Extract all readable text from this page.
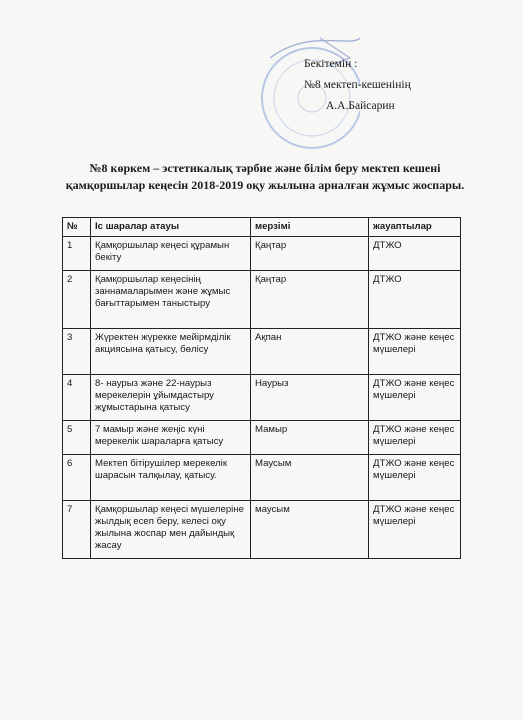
Бекітемін :
№8 мектеп-кешенінің
А.А.Байсарин
№8 көркем – эстетикалық тәрбие және білім беру мектеп кешені
қамқоршылар кеңесін 2018-2019 оқу жылына арналған жұмыс жоспары.
№	Іс шаралар атауы	мерзімі	жауаптылар
1	Қамқоршылар кеңесі құрамын бекіту	Қаңтар	ДТЖО
2	Қамқоршылар кеңесінің заннамаларымен және жұмыс бағыттарымен таныстыру	Қаңтар	ДТЖО
3	Жүректен жүрекке мейірмділік акциясына қатысу, бөлісу	Ақпан	ДТЖО және кеңес мүшелері
4	8- наурыз және 22-наурыз мерекелерін ұйымдастыру жұмыстарына қатысу	Наурыз	ДТЖО және кеңес мүшелері
5	7 мамыр және жеңіс күні мерекелік шараларға қатысу	Мамыр	ДТЖО және кеңес мүшелері
6	Мектеп бітірушілер мерекелік шарасын талқылау, қатысу.	Маусым	ДТЖО және кеңес мүшелері
7	Қамқоршылар кеңесі мүшелеріне жылдық есеп беру, келесі оқу жылына жоспар мен дайындық жасау	маусым	ДТЖО және кеңес мүшелері
